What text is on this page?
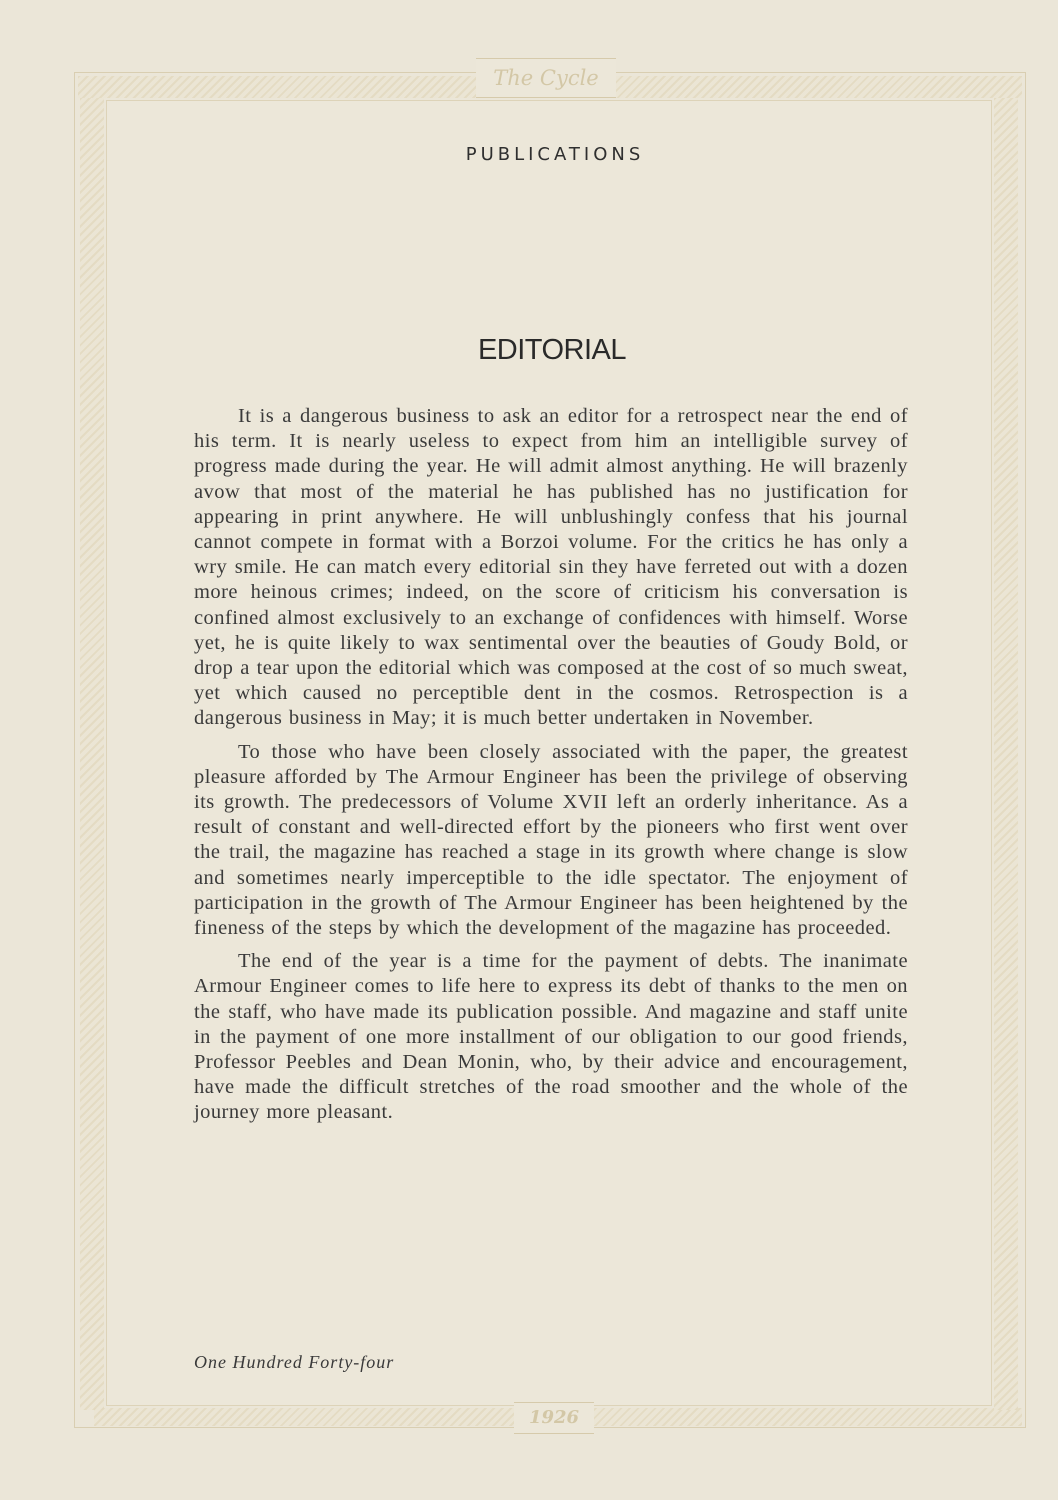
The Cycle
1926
PUBLICATIONS
EDITORIAL

It is a dangerous business to ask an editor for a retrospect near the end of his term. It is nearly useless to expect from him an intelligible survey of progress made during the year. He will admit almost anything. He will brazenly avow that most of the material he has published has no justification for appearing in print anywhere. He will unblushingly confess that his journal cannot compete in format with a Borzoi volume. For the critics he has only a wry smile. He can match every editorial sin they have ferreted out with a dozen more heinous crimes; indeed, on the score of criticism his conversation is confined almost exclusively to an exchange of confidences with himself. Worse yet, he is quite likely to wax sentimental over the beauties of Goudy Bold, or drop a tear upon the editorial which was composed at the cost of so much sweat, yet which caused no perceptible dent in the cosmos. Retrospection is a dangerous business in May; it is much better undertaken in November.

To those who have been closely associated with the paper, the greatest pleasure afforded by The Armour Engineer has been the privilege of observing its growth. The predecessors of Volume XVII left an orderly inheritance. As a result of constant and well-directed effort by the pioneers who first went over the trail, the magazine has reached a stage in its growth where change is slow and sometimes nearly imperceptible to the idle spectator. The enjoyment of participation in the growth of The Armour Engineer has been heightened by the fineness of the steps by which the development of the magazine has proceeded.

The end of the year is a time for the payment of debts. The inanimate Armour Engineer comes to life here to express its debt of thanks to the men on the staff, who have made its publication possible. And magazine and staff unite in the payment of one more installment of our obligation to our good friends, Professor Peebles and Dean Monin, who, by their advice and encouragement, have made the difficult stretches of the road smoother and the whole of the journey more pleasant.

One Hundred Forty-four
